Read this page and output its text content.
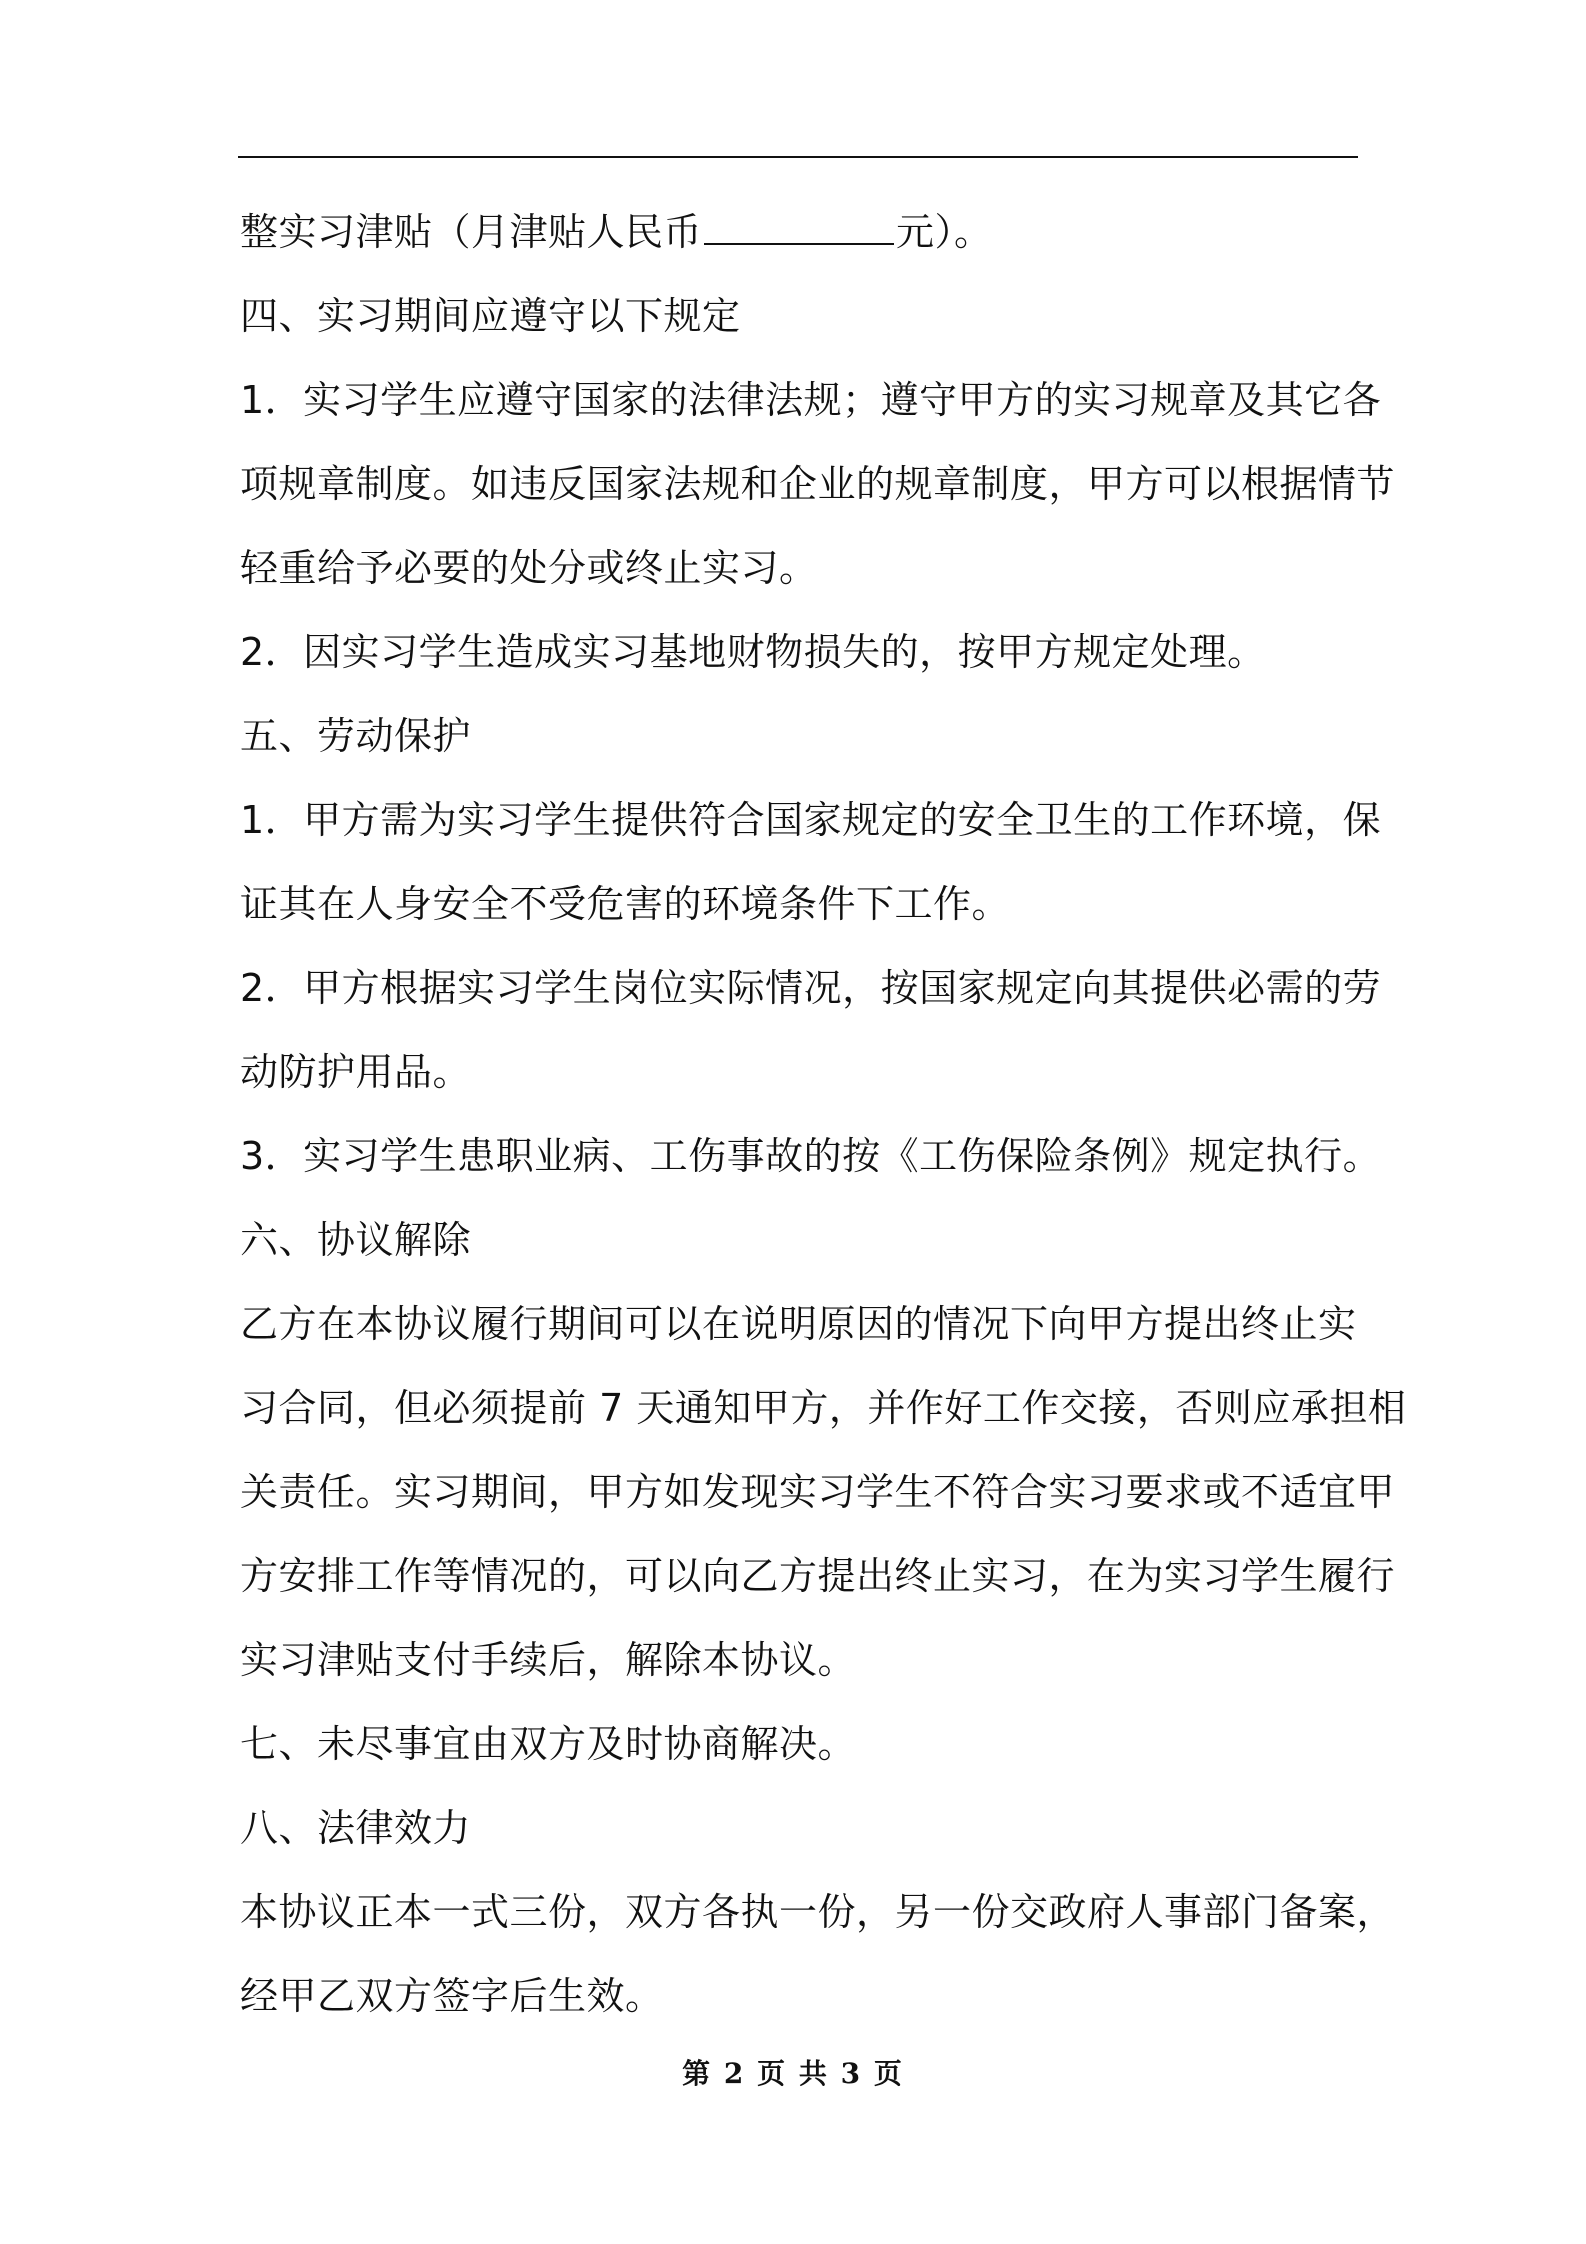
整实习津贴（月津贴人民币	元）。
四、实习期间应遵守以下规定
1．实习学生应遵守国家的法律法规；遵守甲方的实习规章及其它各
项规章制度。如违反国家法规和企业的规章制度，甲方可以根据情节
轻重给予必要的处分或终止实习。
2．因实习学生造成实习基地财物损失的，按甲方规定处理。
五、劳动保护
1．甲方需为实习学生提供符合国家规定的安全卫生的工作环境，保
证其在人身安全不受危害的环境条件下工作。
2．甲方根据实习学生岗位实际情况，按国家规定向其提供必需的劳
动防护用品。
3．实习学生患职业病、工伤事故的按《工伤保险条例》规定执行。
六、协议解除
乙方在本协议履行期间可以在说明原因的情况下向甲方提出终止实
习合同，但必须提前 7 天通知甲方，并作好工作交接，否则应承担相
关责任。实习期间，甲方如发现实习学生不符合实习要求或不适宜甲
方安排工作等情况的，可以向乙方提出终止实习，在为实习学生履行
实习津贴支付手续后，解除本协议。
七、未尽事宜由双方及时协商解决。
八、法律效力
本协议正本一式三份，双方各执一份，另一份交政府人事部门备案，
经甲乙双方签字后生效。
第 2 页 共 3 页
